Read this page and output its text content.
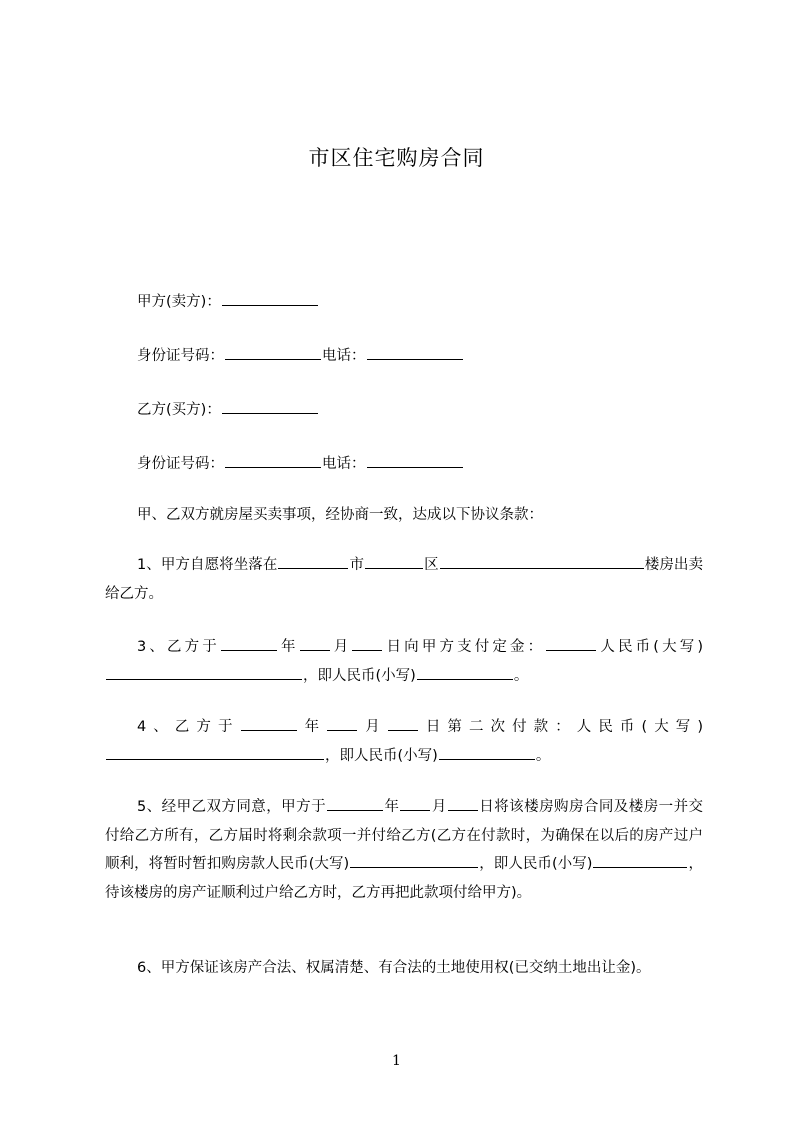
市区住宅购房合同
甲方(卖方)：
身份证号码：	电话：
乙方(买方)：
身份证号码：	电话：
甲、乙双方就房屋买卖事项，经协商一致，达成以下协议条款：
1、甲方自愿将坐落在	市	区	楼房出卖给乙方。
3、乙方于	年 月 日向甲方支付定金：	人民币(大写)，即人民币(小写)	。
4、乙方于	年 月 日第二次付款：人民币(大写)，即人民币(小写)	。
5、经甲乙双方同意，甲方于	年 月 日将该楼房购房合同及楼房一并交付给乙方所有，乙方届时将剩余款项一并付给乙方(乙方在付款时，为确保在以后的房产过户顺利，将暂时暂扣购房款人民币(大写)	，即人民币(小写)	，待该楼房的房产证顺利过户给乙方时，乙方再把此款项付给甲方)。
6、甲方保证该房产合法、权属清楚、有合法的土地使用权(已交纳土地出让金)。
1
